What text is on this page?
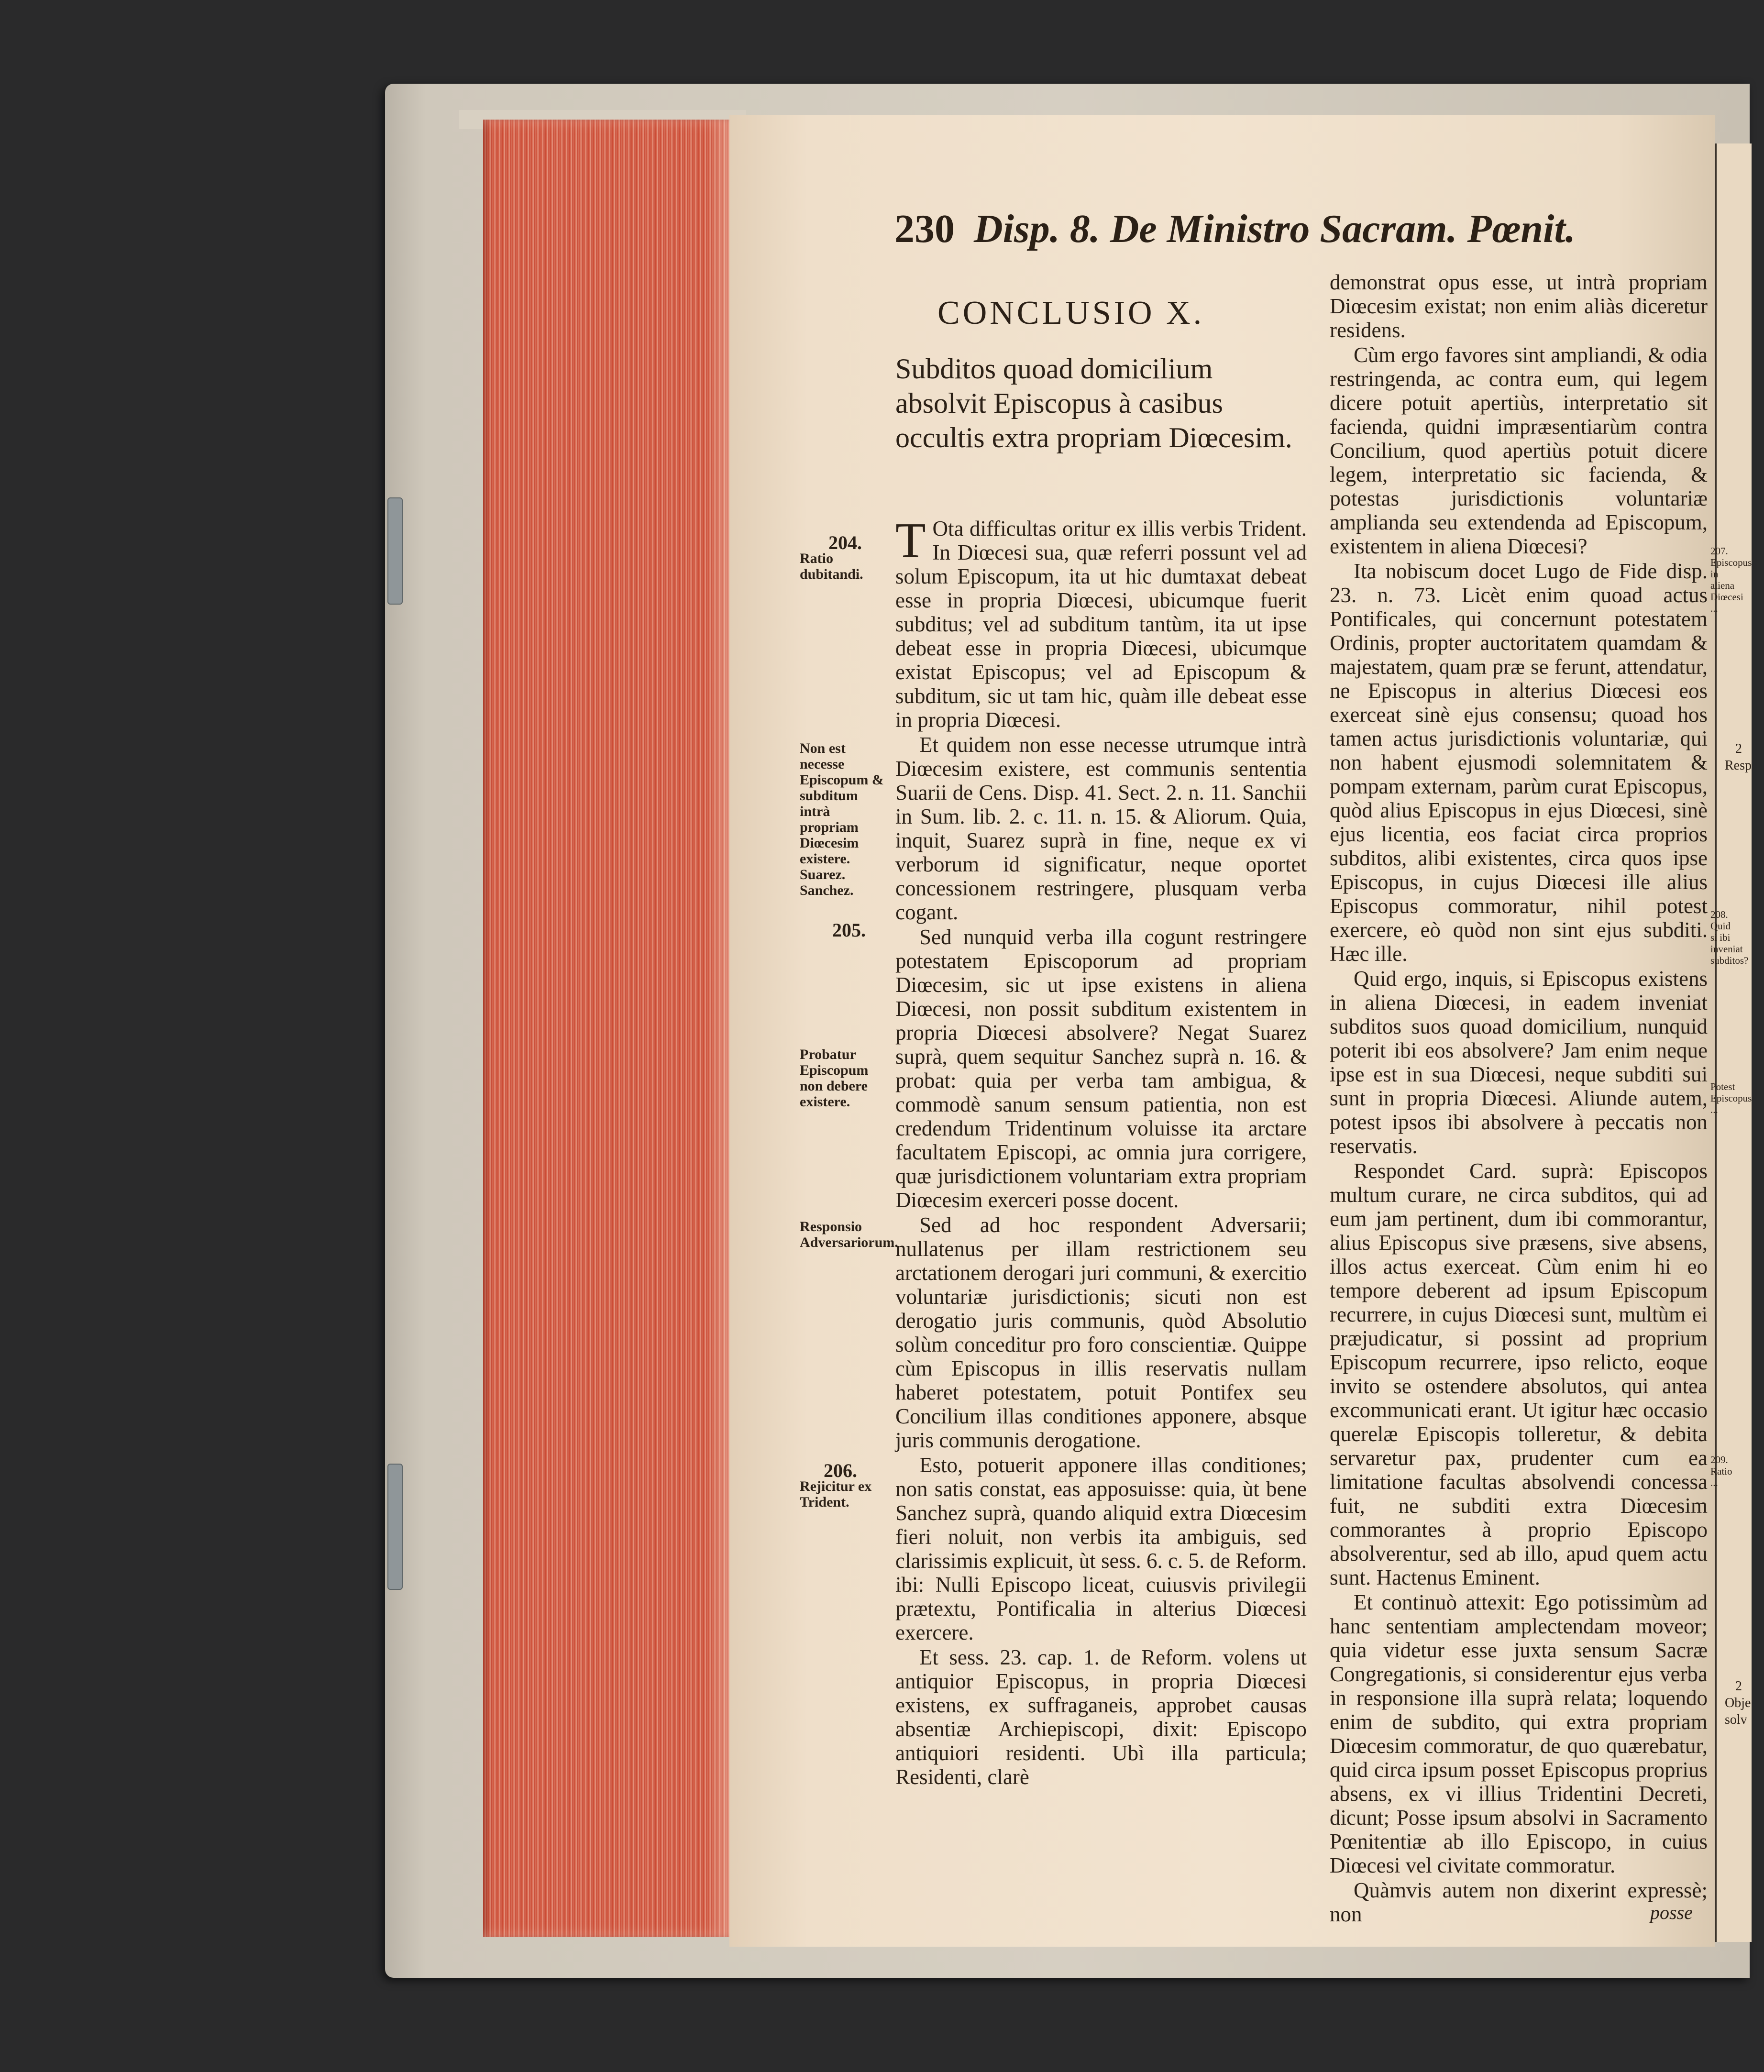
230 Disp. 8. De Ministro Sacram. Pœnit.
CONCLUSIO X.
Subditos quoad domicilium absolvit Episcopus à casibus occultis extra propriam Diœcesim.
204.
Ratio dubitandi.
Non est necesse Episcopum & subditum intrà propriam Diœcesim existere. Suarez. Sanchez.
205.
Probatur Episcopum non debere existere.
Responsio Adversariorum.
206.
Rejicitur ex Trident.

T Ota difficultas oritur ex illis verbis Trident. In Diœcesi sua, quæ referri possunt vel ad solum Episcopum, ita ut hic dumtaxat debeat esse in propria Diœcesi, ubicumque fuerit subditus; vel ad subditum tantùm, ita ut ipse debeat esse in propria Diœcesi, ubicumque existat Episcopus; vel ad Episcopum & subditum, sic ut tam hic, quàm ille debeat esse in propria Diœcesi.

Et quidem non esse necesse utrumque intrà Diœcesim existere, est communis sententia Suarii de Cens. Disp. 41. Sect. 2. n. 11. Sanchii in Sum. lib. 2. c. 11. n. 15. & Aliorum. Quia, inquit, Suarez suprà in fine, neque ex vi verborum id significatur, neque oportet concessionem restringere, plusquam verba cogant.

Sed nunquid verba illa cogunt restringere potestatem Episcoporum ad propriam Diœcesim, sic ut ipse existens in aliena Diœcesi, non possit subditum existentem in propria Diœcesi absolvere? Negat Suarez suprà, quem sequitur Sanchez suprà n. 16. & probat: quia per verba tam ambigua, & commodè sanum sensum patientia, non est credendum Tridentinum voluisse ita arctare facultatem Episcopi, ac omnia jura corrigere, quæ jurisdictionem voluntariam extra propriam Diœcesim exerceri posse docent.

Sed ad hoc respondent Adversarii; nullatenus per illam restrictionem seu arctationem derogari juri communi, & exercitio voluntariæ jurisdictionis; sicuti non est derogatio juris communis, quòd Absolutio solùm conceditur pro foro conscientiæ. Quippe cùm Episcopus in illis reservatis nullam haberet potestatem, potuit Pontifex seu Concilium illas conditiones apponere, absque juris communis derogatione.

Esto, potuerit apponere illas conditiones; non satis constat, eas apposuisse: quia, ùt bene Sanchez suprà, quando aliquid extra Diœcesim fieri noluit, non verbis ita ambiguis, sed clarissimis explicuit, ùt sess. 6. c. 5. de Reform. ibi: Nulli Episcopo liceat, cuiusvis privilegii prætextu, Pontificalia in alterius Diœcesi exercere.

Et sess. 23. cap. 1. de Reform. volens ut antiquior Episcopus, in propria Diœcesi existens, ex suffraganeis, approbet causas absentiæ Archiepiscopi, dixit: Episcopo antiquiori residenti. Ubì illa particula; Residenti, clarè

demonstrat opus esse, ut intrà propriam Diœcesim existat; non enim aliàs diceretur residens.

Cùm ergo favores sint ampliandi, & odia restringenda, ac contra eum, qui legem dicere potuit apertiùs, interpretatio sit facienda, quidni impræsentiarùm contra Concilium, quod apertiùs potuit dicere legem, interpretatio sic facienda, & potestas jurisdictionis voluntariæ amplianda seu extendenda ad Episcopum, existentem in aliena Diœcesi?

Ita nobiscum docet Lugo de Fide disp. 23. n. 73. Licèt enim quoad actus Pontificales, qui concernunt potestatem Ordinis, propter auctoritatem quamdam & majestatem, quam præ se ferunt, attendatur, ne Episcopus in alterius Diœcesi eos exerceat sinè ejus consensu; quoad hos tamen actus jurisdictionis voluntariæ, qui non habent ejusmodi solemnitatem & pompam externam, parùm curat Episcopus, quòd alius Episcopus in ejus Diœcesi, sinè ejus licentia, eos faciat circa proprios subditos, alibi existentes, circa quos ipse Episcopus, in cujus Diœcesi ille alius Episcopus commoratur, nihil potest exercere, eò quòd non sint ejus subditi. Hæc ille.

Quid ergo, inquis, si Episcopus existens in aliena Diœcesi, in eadem inveniat subditos suos quoad domicilium, nunquid poterit ibi eos absolvere? Jam enim neque ipse est in sua Diœcesi, neque subditi sui sunt in propria Diœcesi. Aliunde autem, potest ipsos ibi absolvere à peccatis non reservatis.

Respondet Card. suprà: Episcopos multum curare, ne circa subditos, qui ad eum jam pertinent, dum ibi commorantur, alius Episcopus sive præsens, sive absens, illos actus exerceat. Cùm enim hi eo tempore deberent ad ipsum Episcopum recurrere, in cujus Diœcesi sunt, multùm ei præjudicatur, si possint ad proprium Episcopum recurrere, ipso relicto, eoque invito se ostendere absolutos, qui antea excommunicati erant. Ut igitur hæc occasio querelæ Episcopis tolleretur, & debita servaretur pax, prudenter cum ea limitatione facultas absolvendi concessa fuit, ne subditi extra Diœcesim commorantes à proprio Episcopo absolverentur, sed ab illo, apud quem actu sunt. Hactenus Eminent.

Et continuò attexit: Ego potissimùm ad hanc sententiam amplectendam moveor; quia videtur esse juxta sensum Sacræ Congregationis, si considerentur ejus verba in responsione illa suprà relata; loquendo enim de subdito, qui extra propriam Diœcesim commoratur, de quo quærebatur, quid circa ipsum posset Episcopus proprius absens, ex vi illius Tridentini Decreti, dicunt; Posse ipsum absolvi in Sacramento Pœnitentiæ ab illo Episcopo, in cuius Diœcesi vel civitate commoratur.

Quàmvis autem non dixerint expressè; non	posse
207. Episcopus in aliena Diœcesi ...
208. Quid si ibi inveniat subditos?
Potest Episcopus ...
209. Ratio ...
2
Resp
2
Obje
solv
